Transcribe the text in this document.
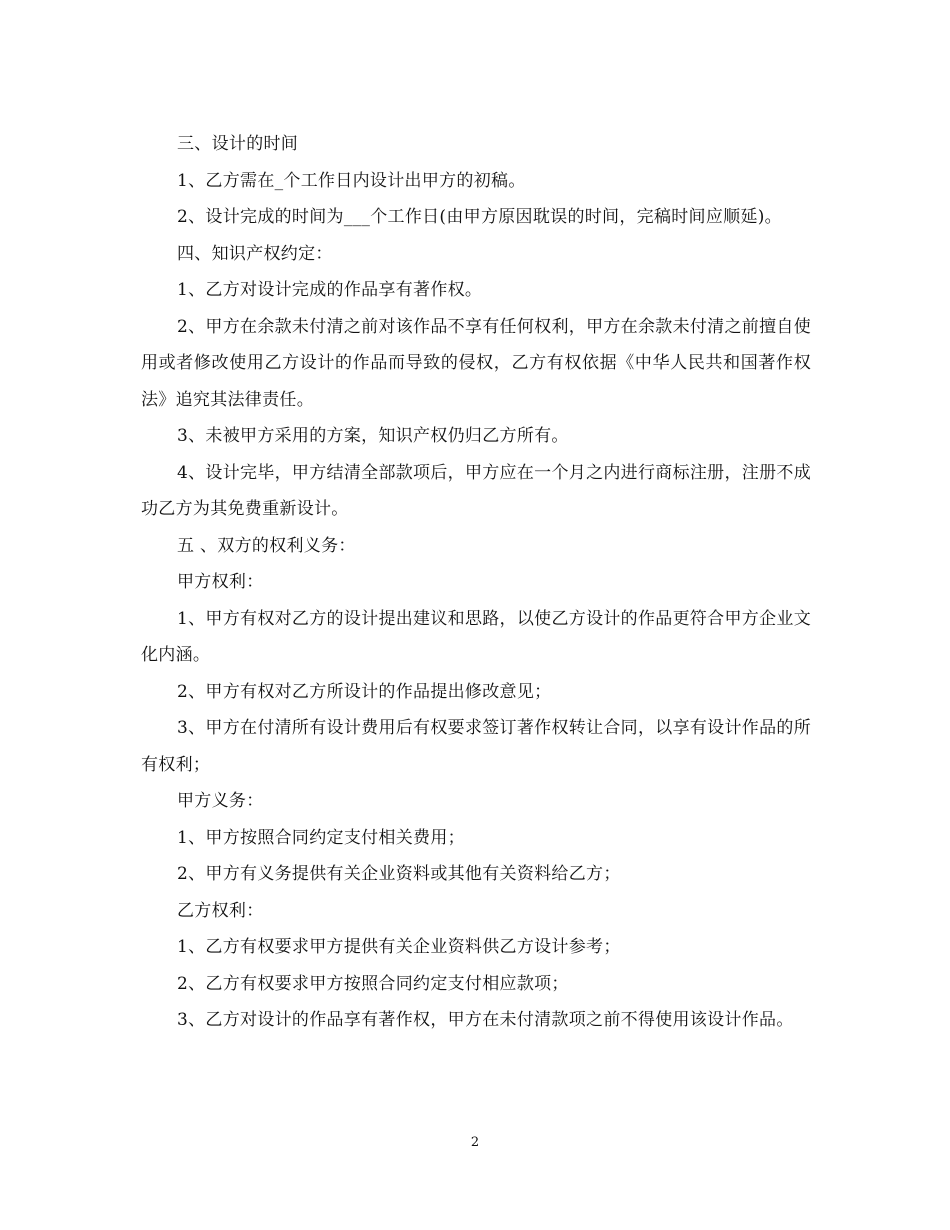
三、设计的时间

1、乙方需在_个工作日内设计出甲方的初稿。

2、设计完成的时间为___个工作日(由甲方原因耽误的时间，完稿时间应顺延)。

四、知识产权约定：

1、乙方对设计完成的作品享有著作权。

2、甲方在余款未付清之前对该作品不享有任何权利，甲方在余款未付清之前擅自使用或者修改使用乙方设计的作品而导致的侵权，乙方有权依据《中华人民共和国著作权法》追究其法律责任。

3、未被甲方采用的方案，知识产权仍归乙方所有。

4、设计完毕，甲方结清全部款项后，甲方应在一个月之内进行商标注册，注册不成功乙方为其免费重新设计。

五 、双方的权利义务：

甲方权利：

1、甲方有权对乙方的设计提出建议和思路，以使乙方设计的作品更符合甲方企业文化内涵。

2、甲方有权对乙方所设计的作品提出修改意见；

3、甲方在付清所有设计费用后有权要求签订著作权转让合同，以享有设计作品的所有权利；

甲方义务：

1、甲方按照合同约定支付相关费用；

2、甲方有义务提供有关企业资料或其他有关资料给乙方；

乙方权利：

1、乙方有权要求甲方提供有关企业资料供乙方设计参考；

2、乙方有权要求甲方按照合同约定支付相应款项；

3、乙方对设计的作品享有著作权，甲方在未付清款项之前不得使用该设计作品。

2
